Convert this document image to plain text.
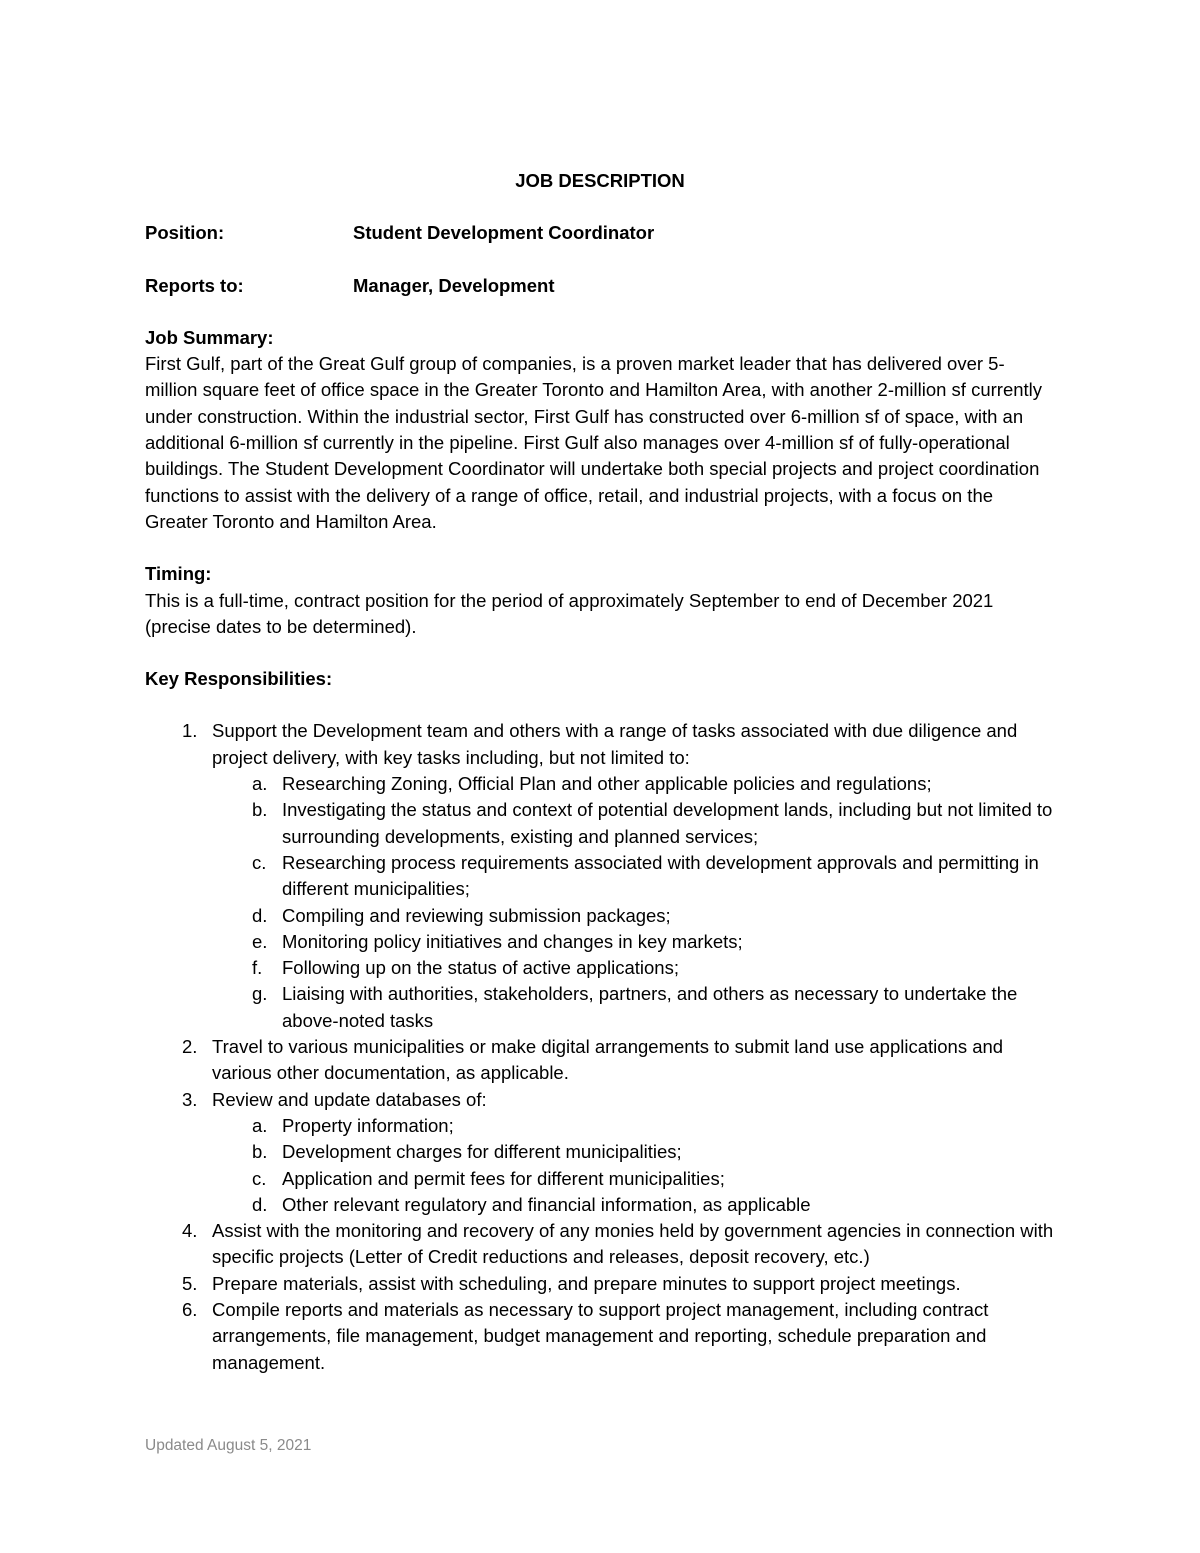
JOB DESCRIPTION

Position:	Student Development Coordinator
Reports to:	Manager, Development

Job Summary:

First Gulf, part of the Great Gulf group of companies, is a proven market leader that has delivered over 5-million square feet of office space in the Greater Toronto and Hamilton Area, with another 2-million sf currently under construction. Within the industrial sector, First Gulf has constructed over 6-million sf of space, with an additional 6-million sf currently in the pipeline. First Gulf also manages over 4-million sf of fully-operational buildings. The Student Development Coordinator will undertake both special projects and project coordination functions to assist with the delivery of a range of office, retail, and industrial projects, with a focus on the Greater Toronto and Hamilton Area.

Timing:

This is a full-time, contract position for the period of approximately September to end of December 2021 (precise dates to be determined).

Key Responsibilities:

1. Support the Development team and others with a range of tasks associated with due diligence and project delivery, with key tasks including, but not limited to:
a. Researching Zoning, Official Plan and other applicable policies and regulations;
b. Investigating the status and context of potential development lands, including but not limited to surrounding developments, existing and planned services;
c. Researching process requirements associated with development approvals and permitting in different municipalities;
d. Compiling and reviewing submission packages;
e. Monitoring policy initiatives and changes in key markets;
f.	Following up on the status of active applications;
g. Liaising with authorities, stakeholders, partners, and others as necessary to undertake the above-noted tasks
2. Travel to various municipalities or make digital arrangements to submit land use applications and various other documentation, as applicable.
3. Review and update databases of:
a. Property information;
b. Development charges for different municipalities;
c. Application and permit fees for different municipalities;
d. Other relevant regulatory and financial information, as applicable
4. Assist with the monitoring and recovery of any monies held by government agencies in connection with specific projects (Letter of Credit reductions and releases, deposit recovery, etc.)
5. Prepare materials, assist with scheduling, and prepare minutes to support project meetings.
6. Compile reports and materials as necessary to support project management, including contract arrangements, file management, budget management and reporting, schedule preparation and management.
Updated August 5, 2021
